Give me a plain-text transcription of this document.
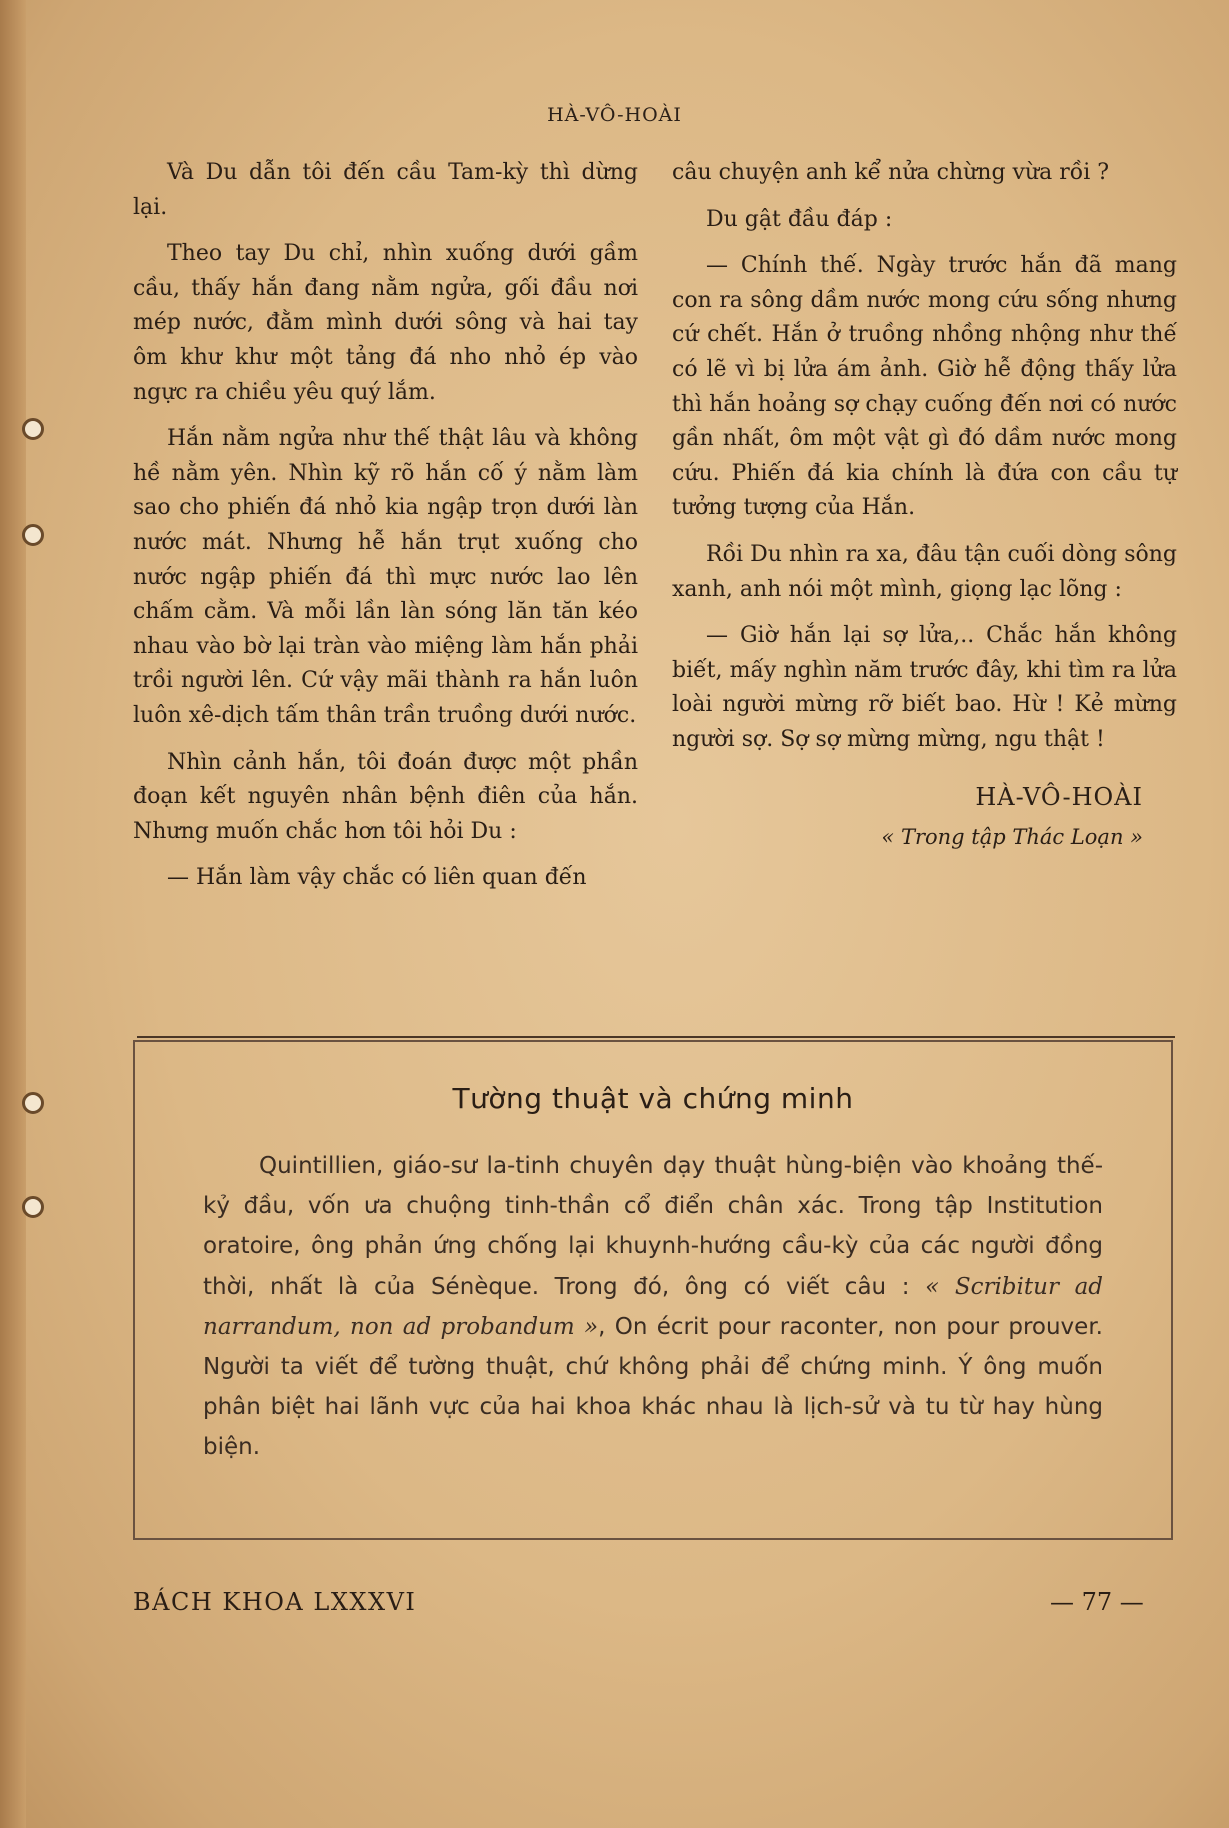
HÀ-VÔ-HOÀI

Và Du dẫn tôi đến cầu Tam-kỳ thì dừng lại.

Theo tay Du chỉ, nhìn xuống dưới gầm cầu, thấy hắn đang nằm ngửa, gối đầu nơi mép nước, đằm mình dưới sông và hai tay ôm khư khư một tảng đá nho nhỏ ép vào ngực ra chiều yêu quý lắm.

Hắn nằm ngửa như thế thật lâu và không hề nằm yên. Nhìn kỹ rõ hắn cố ý nằm làm sao cho phiến đá nhỏ kia ngập trọn dưới làn nước mát. Nhưng hễ hắn trụt xuống cho nước ngập phiến đá thì mực nước lao lên chấm cằm. Và mỗi lần làn sóng lăn tăn kéo nhau vào bờ lại tràn vào miệng làm hắn phải trồi người lên. Cứ vậy mãi thành ra hắn luôn luôn xê-dịch tấm thân trần truồng dưới nước.

Nhìn cảnh hắn, tôi đoán được một phần đoạn kết nguyên nhân bệnh điên của hắn. Nhưng muốn chắc hơn tôi hỏi Du :

— Hắn làm vậy chắc có liên quan đến

câu chuyện anh kể nửa chừng vừa rồi ?

Du gật đầu đáp :

— Chính thế. Ngày trước hắn đã mang con ra sông dầm nước mong cứu sống nhưng cứ chết. Hắn ở truồng nhồng nhộng như thế có lẽ vì bị lửa ám ảnh. Giờ hễ động thấy lửa thì hắn hoảng sợ chạy cuống đến nơi có nước gần nhất, ôm một vật gì đó dầm nước mong cứu. Phiến đá kia chính là đứa con cầu tự tưởng tượng của Hắn.

Rồi Du nhìn ra xa, đâu tận cuối dòng sông xanh, anh nói một mình, giọng lạc lõng :

— Giờ hắn lại sợ lửa,.. Chắc hắn không biết, mấy nghìn năm trước đây, khi tìm ra lửa loài người mừng rỡ biết bao. Hừ ! Kẻ mừng người sợ. Sợ sợ mừng mừng, ngu thật !

HÀ-VÔ-HOÀI
« Trong tập Thác Loạn »
Tường thuật và chứng minh
Quintillien, giáo-sư la-tinh chuyên dạy thuật hùng-biện vào khoảng thế-kỷ đầu, vốn ưa chuộng tinh-thần cổ điển chân xác. Trong tập Institution oratoire, ông phản ứng chống lại khuynh-hướng cầu-kỳ của các người đồng thời, nhất là của Sénèque. Trong đó, ông có viết câu : « Scribitur ad narrandum, non ad probandum », On écrit pour raconter, non pour prouver. Người ta viết để tường thuật, chứ không phải để chứng minh. Ý ông muốn phân biệt hai lãnh vực của hai khoa khác nhau là lịch-sử và tu từ hay hùng biện.
BÁCH KHOA LXXXVI	— 77 —
